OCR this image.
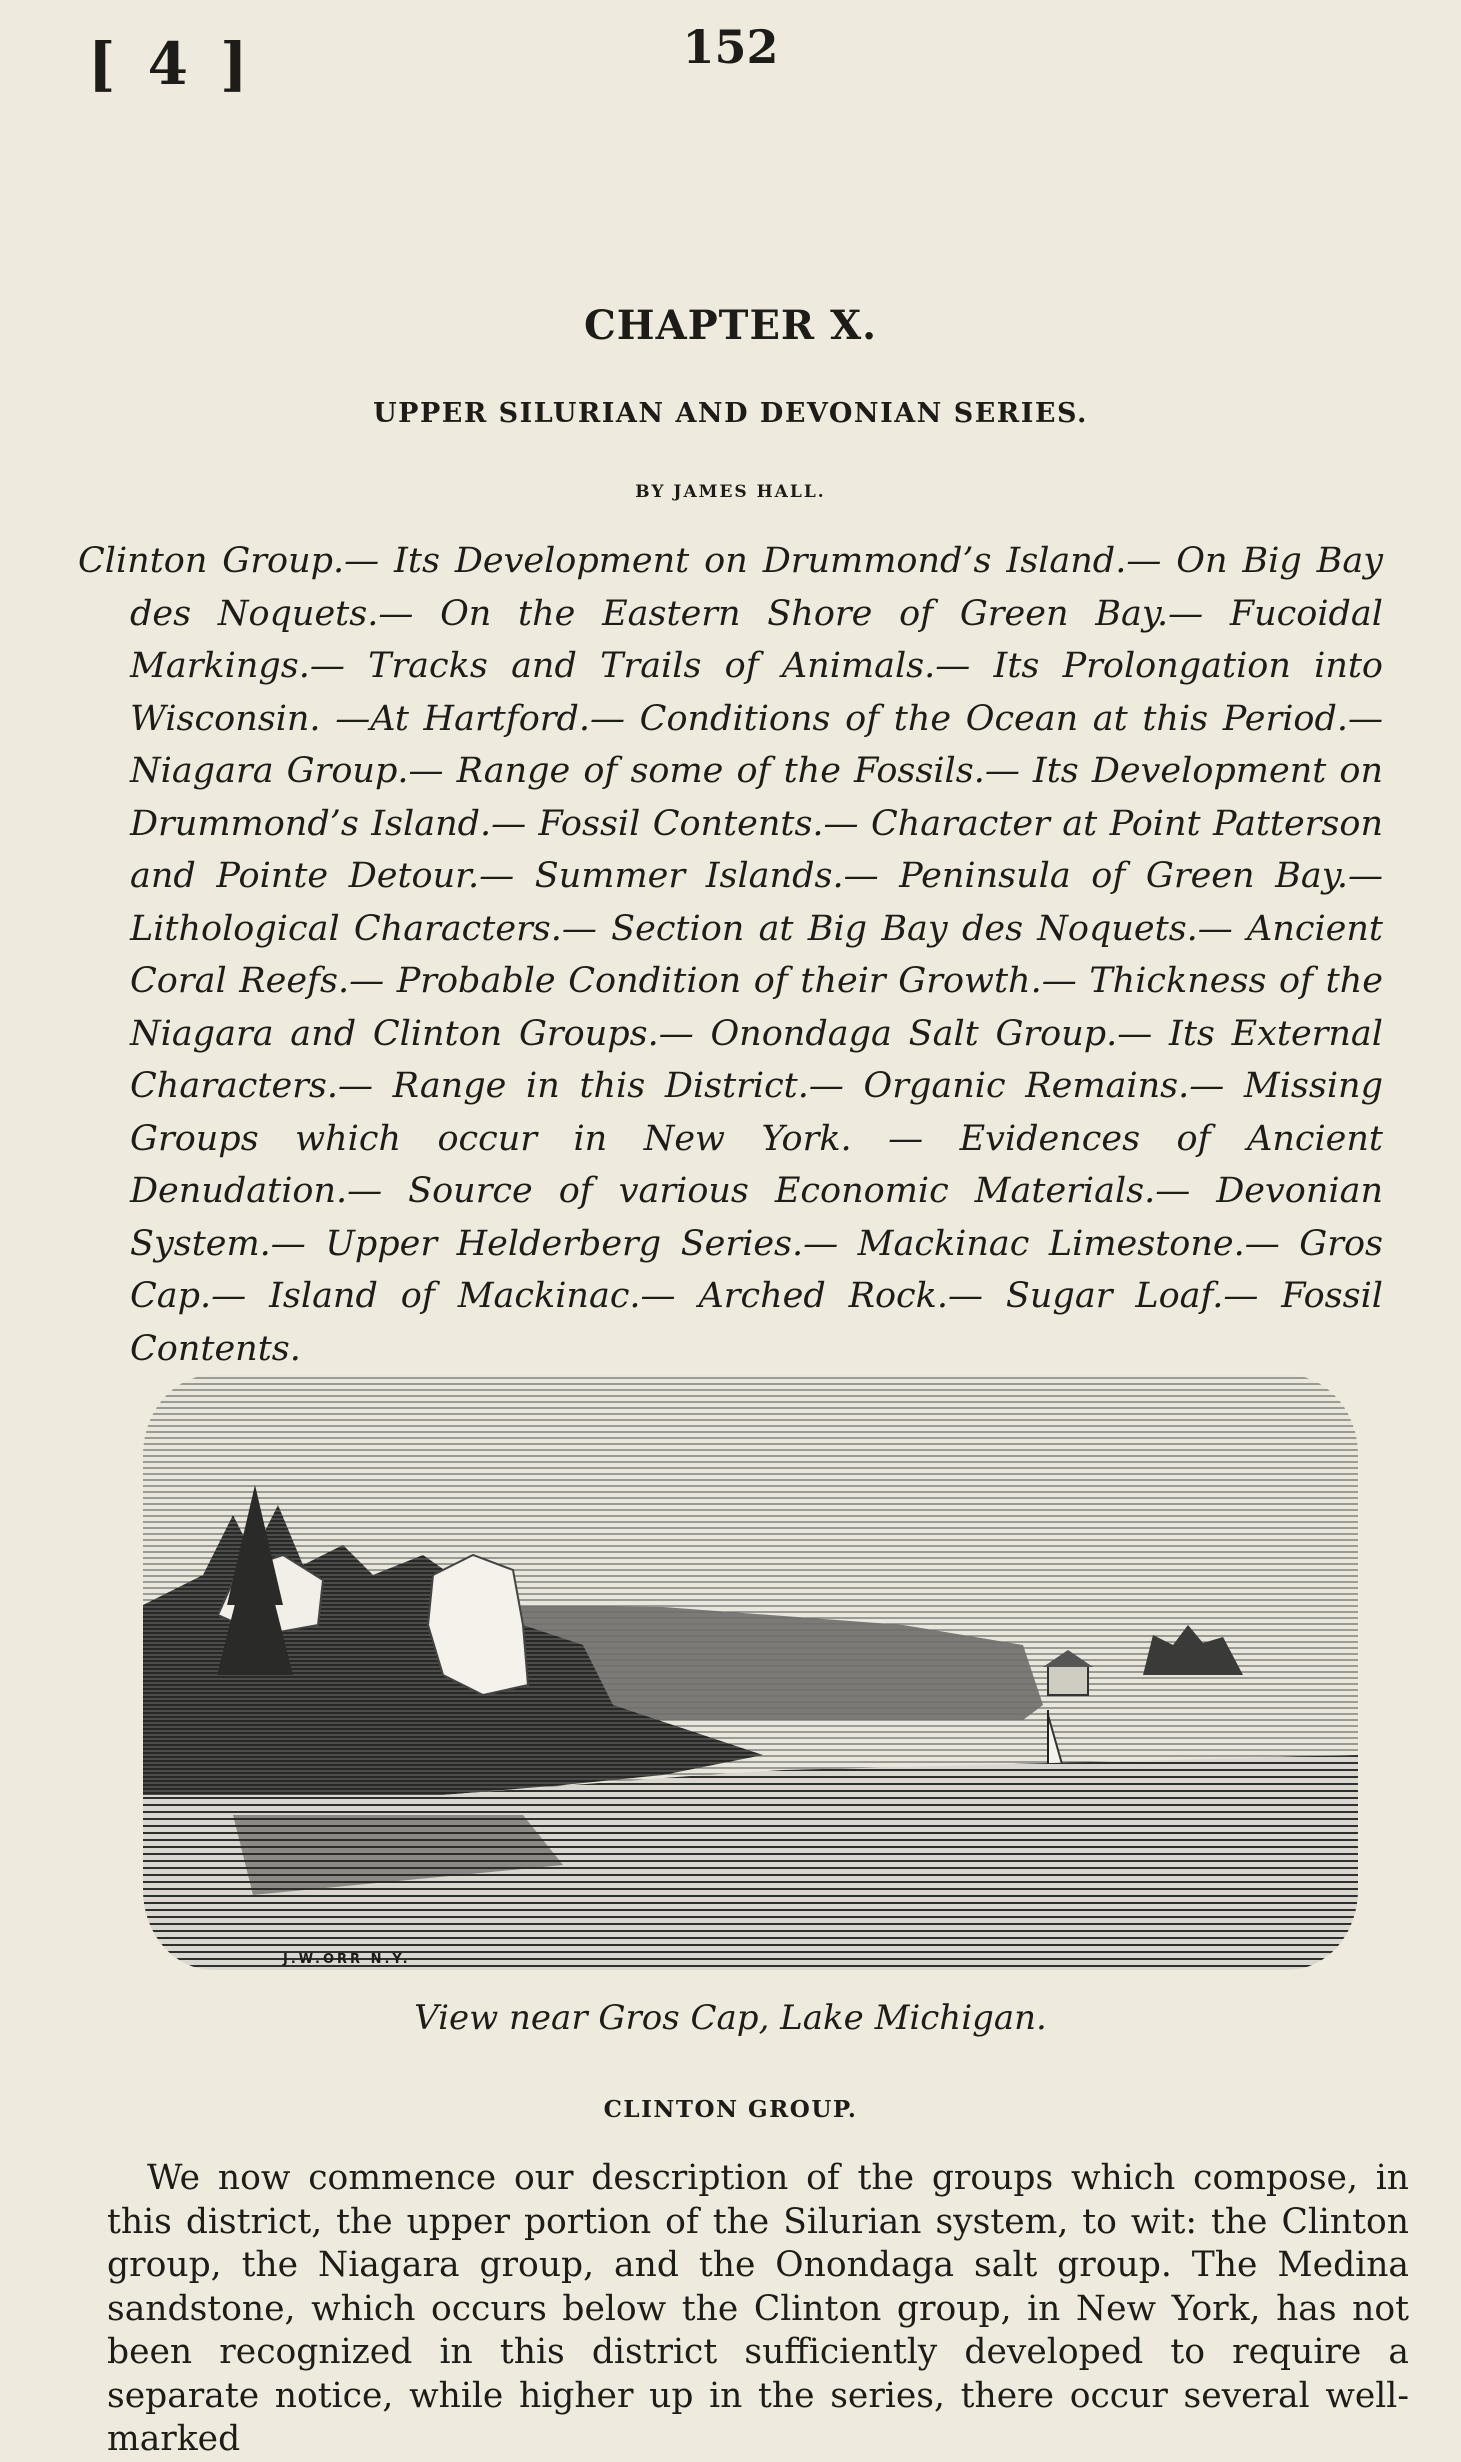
[ 4 ]	152
CHAPTER X.
UPPER SILURIAN AND DEVONIAN SERIES.
BY JAMES HALL.
Clinton Group.— Its Development on Drummond’s Island.— On Big Bay des Noquets.— On the Eastern Shore of Green Bay.— Fucoidal Markings.— Tracks and Trails of Animals.— Its Prolongation into Wisconsin. —At Hartford.— Conditions of the Ocean at this Period.— Niagara Group.— Range of some of the Fossils.— Its Development on Drummond’s Island.— Fossil Contents.— Character at Point Patterson and Pointe Detour.— Summer Islands.— Peninsula of Green Bay.— Lithological Characters.— Section at Big Bay des Noquets.— Ancient Coral Reefs.— Probable Condition of their Growth.— Thickness of the Niagara and Clinton Groups.— Onondaga Salt Group.— Its External Characters.— Range in this District.— Organic Remains.— Missing Groups which occur in New York. — Evidences of Ancient Denudation.— Source of various Economic Materials.— Devonian System.— Upper Helderberg Series.— Mackinac Limestone.— Gros Cap.— Island of Mackinac.— Arched Rock.— Sugar Loaf.— Fossil Contents.
J.W.ORR N.Y.
View near Gros Cap, Lake Michigan.
CLINTON GROUP.
We now commence our description of the groups which compose, in this district, the upper portion of the Silurian system, to wit: the Clinton group, the Niagara group, and the Onondaga salt group. The Medina sandstone, which occurs below the Clinton group, in New York, has not been recognized in this district sufficiently developed to require a separate notice, while higher up in the series, there occur several well-marked
